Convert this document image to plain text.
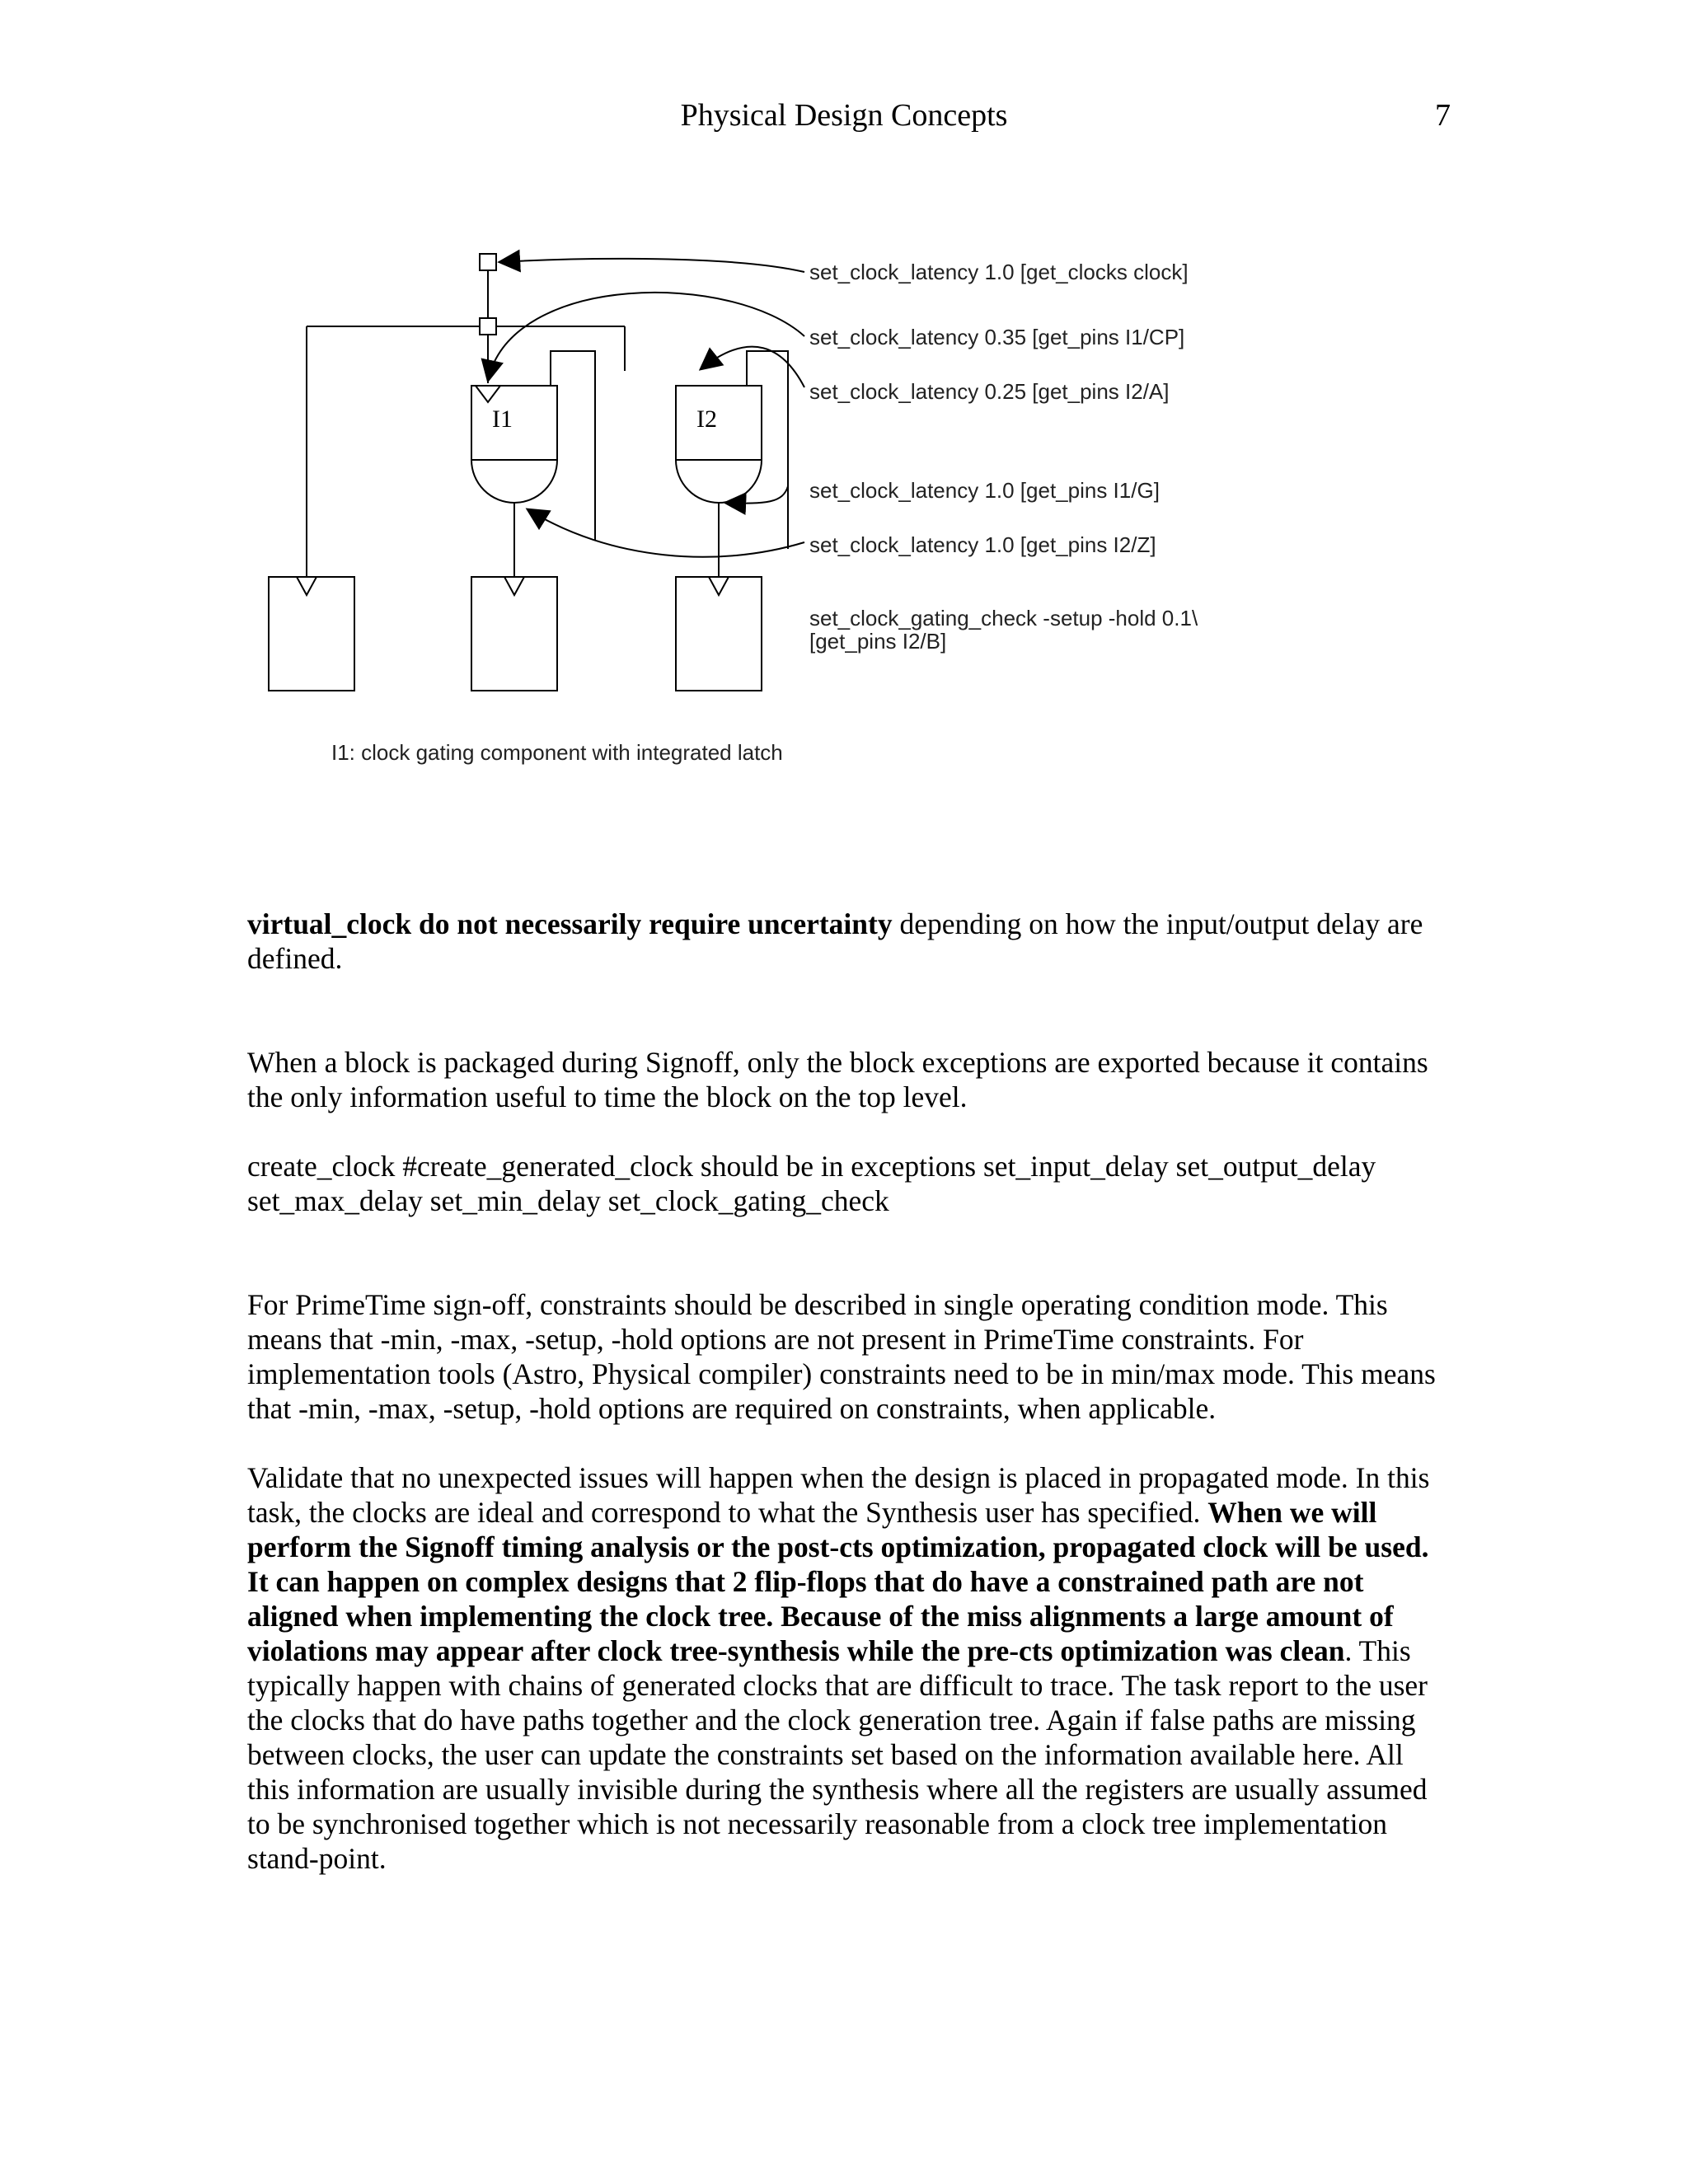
Physical Design Concepts	7
I1	I2
set_clock_latency 1.0 [get_clocks clock]
set_clock_latency 0.35 [get_pins I1/CP]
set_clock_latency 0.25 [get_pins I2/A]
set_clock_latency 1.0 [get_pins I1/G]
set_clock_latency 1.0 [get_pins I2/Z]
set_clock_gating_check -setup -hold 0.1\
[get_pins I2/B]
I1: clock gating component with integrated latch

virtual_clock do not necessarily require uncertainty depending on how the input/output delay are defined.

When a block is packaged during Signoff, only the block exceptions are exported because it contains the only information useful to time the block on the top level.

create_clock #create_generated_clock should be in exceptions set_input_delay set_output_delay set_max_delay set_min_delay set_clock_gating_check

For PrimeTime sign-off, constraints should be described in single operating condition mode. This means that -min, -max, -setup, -hold options are not present in PrimeTime constraints. For implementation tools (Astro, Physical compiler) constraints need to be in min/max mode. This means that -min, -max, -setup, -hold options are required on constraints, when applicable.

Validate that no unexpected issues will happen when the design is placed in propagated mode. In this task, the clocks are ideal and correspond to what the Synthesis user has specified. When we will perform the Signoff timing analysis or the post-cts optimization, propagated clock will be used. It can happen on complex designs that 2 flip-flops that do have a constrained path are not aligned when implementing the clock tree. Because of the miss alignments a large amount of violations may appear after clock tree-synthesis while the pre-cts optimization was clean. This typically happen with chains of generated clocks that are difficult to trace. The task report to the user the clocks that do have paths together and the clock generation tree. Again if false paths are missing between clocks, the user can update the constraints set based on the information available here. All this information are usually invisible during the synthesis where all the registers are usually assumed to be synchronised together which is not necessarily reasonable from a clock tree implementation stand-point.
